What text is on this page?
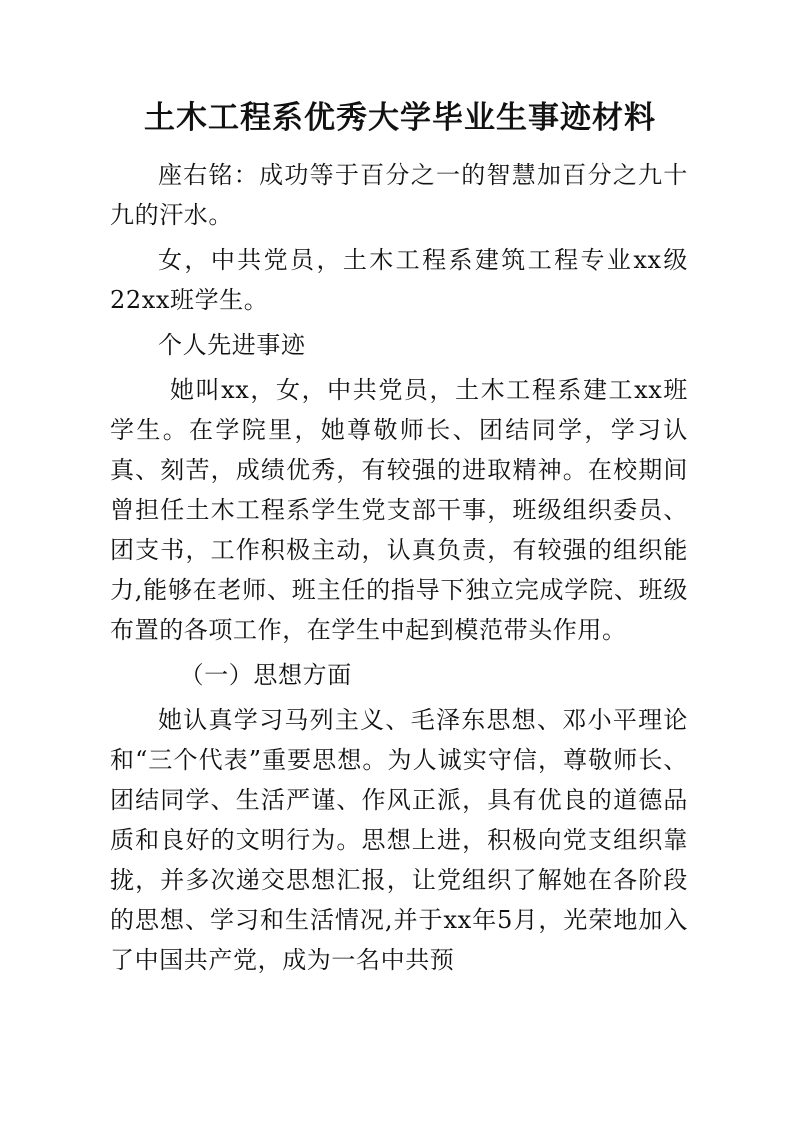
土木工程系优秀大学毕业生事迹材料

座右铭：成功等于百分之一的智慧加百分之九十九的汗水。

女，中共党员，土木工程系建筑工程专业xx级22xx班学生。

个人先进事迹

她叫xx，女，中共党员，土木工程系建工xx班学生。在学院里，她尊敬师长、团结同学，学习认真、刻苦，成绩优秀，有较强的进取精神。在校期间曾担任土木工程系学生党支部干事，班级组织委员、团支书，工作积极主动，认真负责，有较强的组织能力,能够在老师、班主任的指导下独立完成学院、班级布置的各项工作，在学生中起到模范带头作用。

（一）思想方面

她认真学习马列主义、毛泽东思想、邓小平理论和“三个代表”重要思想。为人诚实守信，尊敬师长、团结同学、生活严谨、作风正派，具有优良的道德品质和良好的文明行为。思想上进，积极向党支组织靠拢，并多次递交思想汇报，让党组织了解她在各阶段的思想、学习和生活情况,并于xx年5月，光荣地加入了中国共产党，成为一名中共预
